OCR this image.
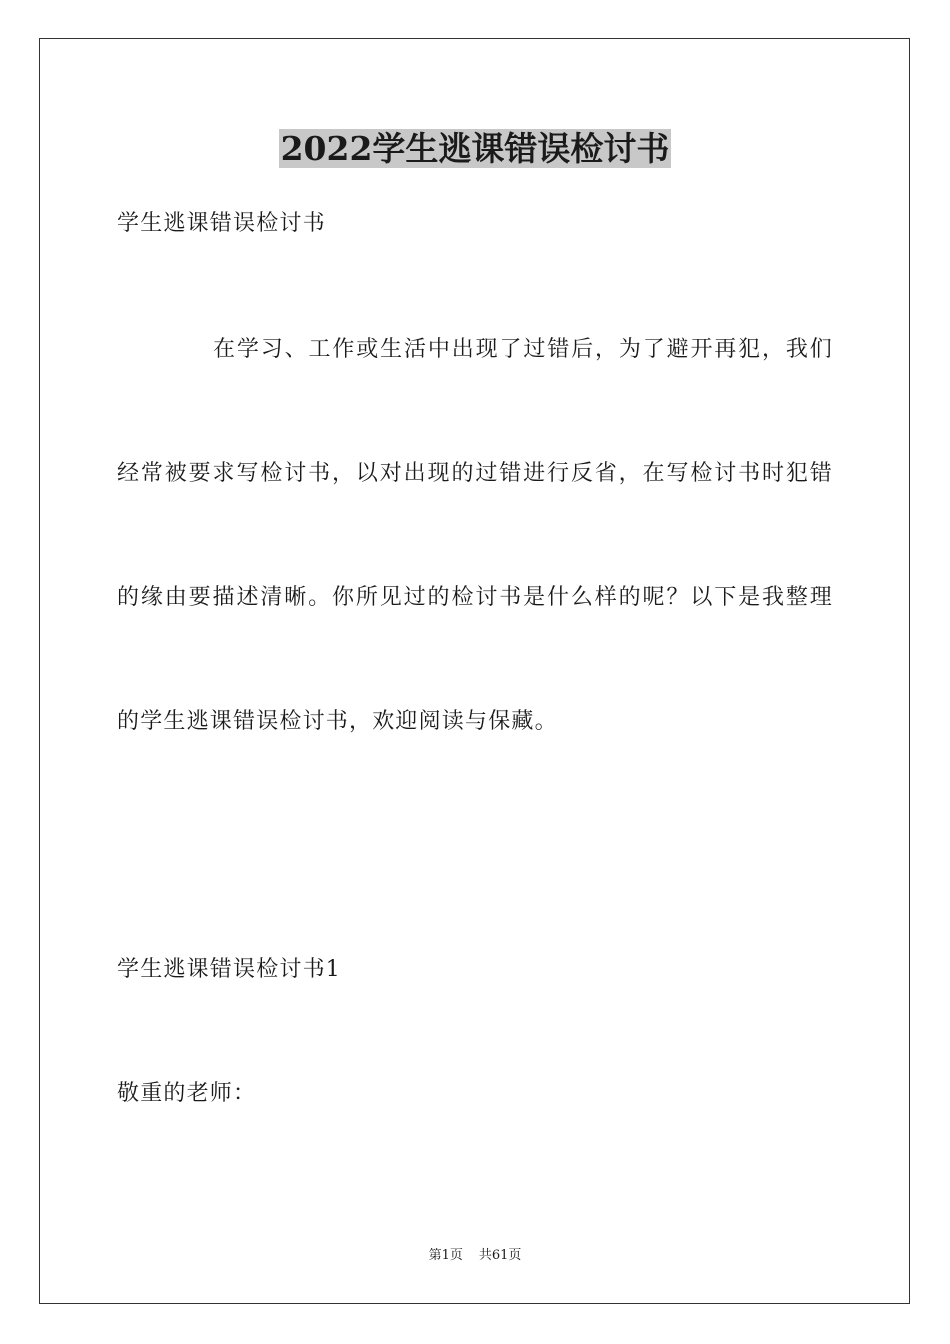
2022学生逃课错误检讨书
学生逃课错误检讨书
在学习、工作或生活中出现了过错后，为了避开再犯，我们
经常被要求写检讨书，以对出现的过错进行反省，在写检讨书时犯错
的缘由要描述清晰。你所见过的检讨书是什么样的呢？以下是我整理
的学生逃课错误检讨书，欢迎阅读与保藏。
学生逃课错误检讨书1
敬重的老师：
第1页 共61页
